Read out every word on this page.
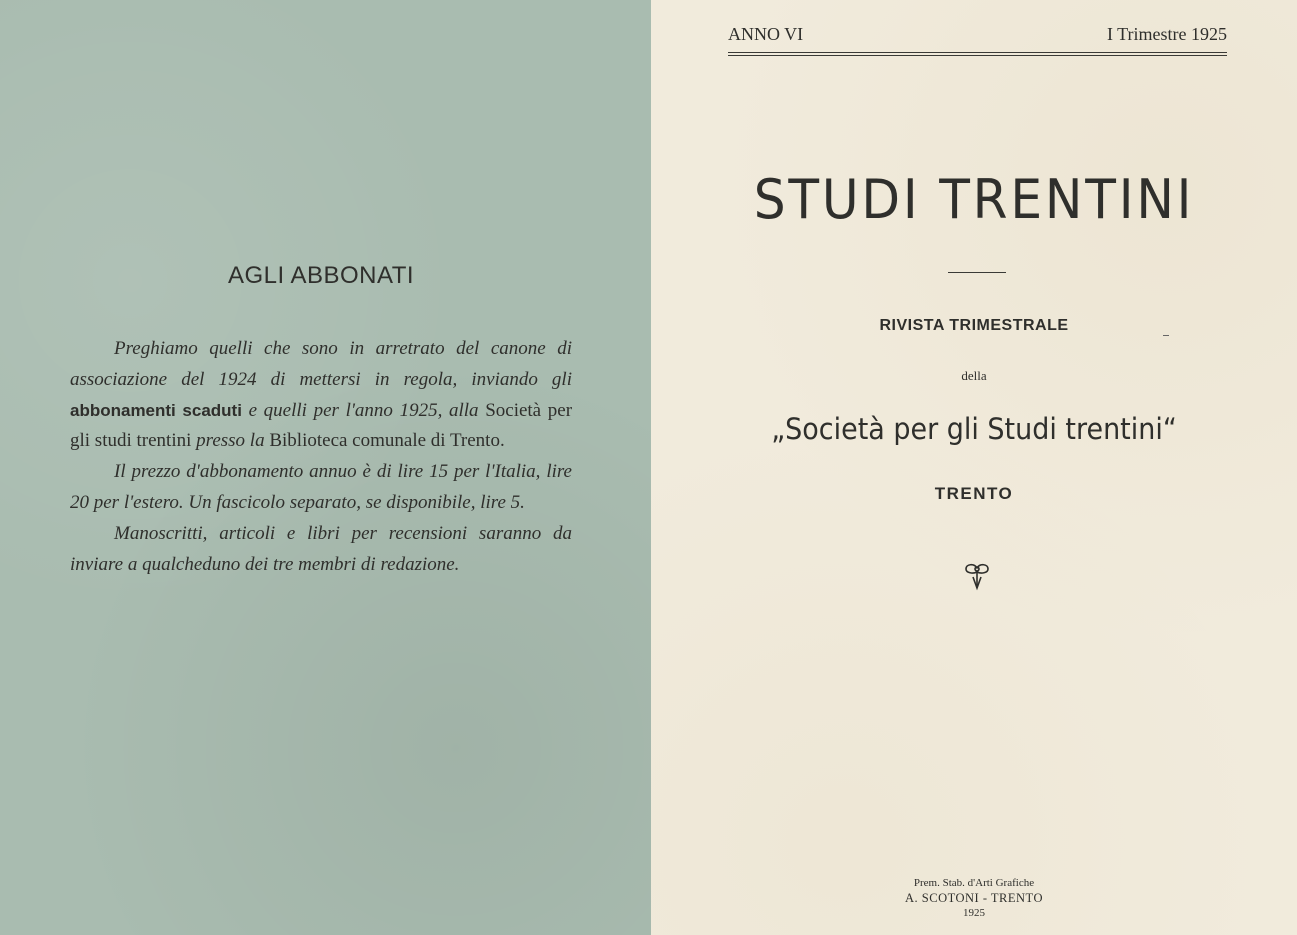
AGLI ABBONATI

Preghiamo quelli che sono in arretrato del canone di associazione del 1924 di mettersi in regola, inviando gli abbonamenti scaduti e quelli per l'anno 1925, alla Società per gli studi trentini presso la Biblioteca comunale di Trento.

Il prezzo d'abbonamento annuo è di lire 15 per l'Italia, lire 20 per l'estero. Un fascicolo separato, se disponibile, lire 5.

Manoscritti, articoli e libri per recensioni saranno da inviare a qualcheduno dei tre membri di redazione.

ANNO VI	I Trimestre 1925
STUDI TRENTINI
RIVISTA TRIMESTRALE
della
„Società per gli Studi trentini“
TRENTO
Prem. Stab. d'Arti Grafiche
A. SCOTONI - TRENTO
1925
